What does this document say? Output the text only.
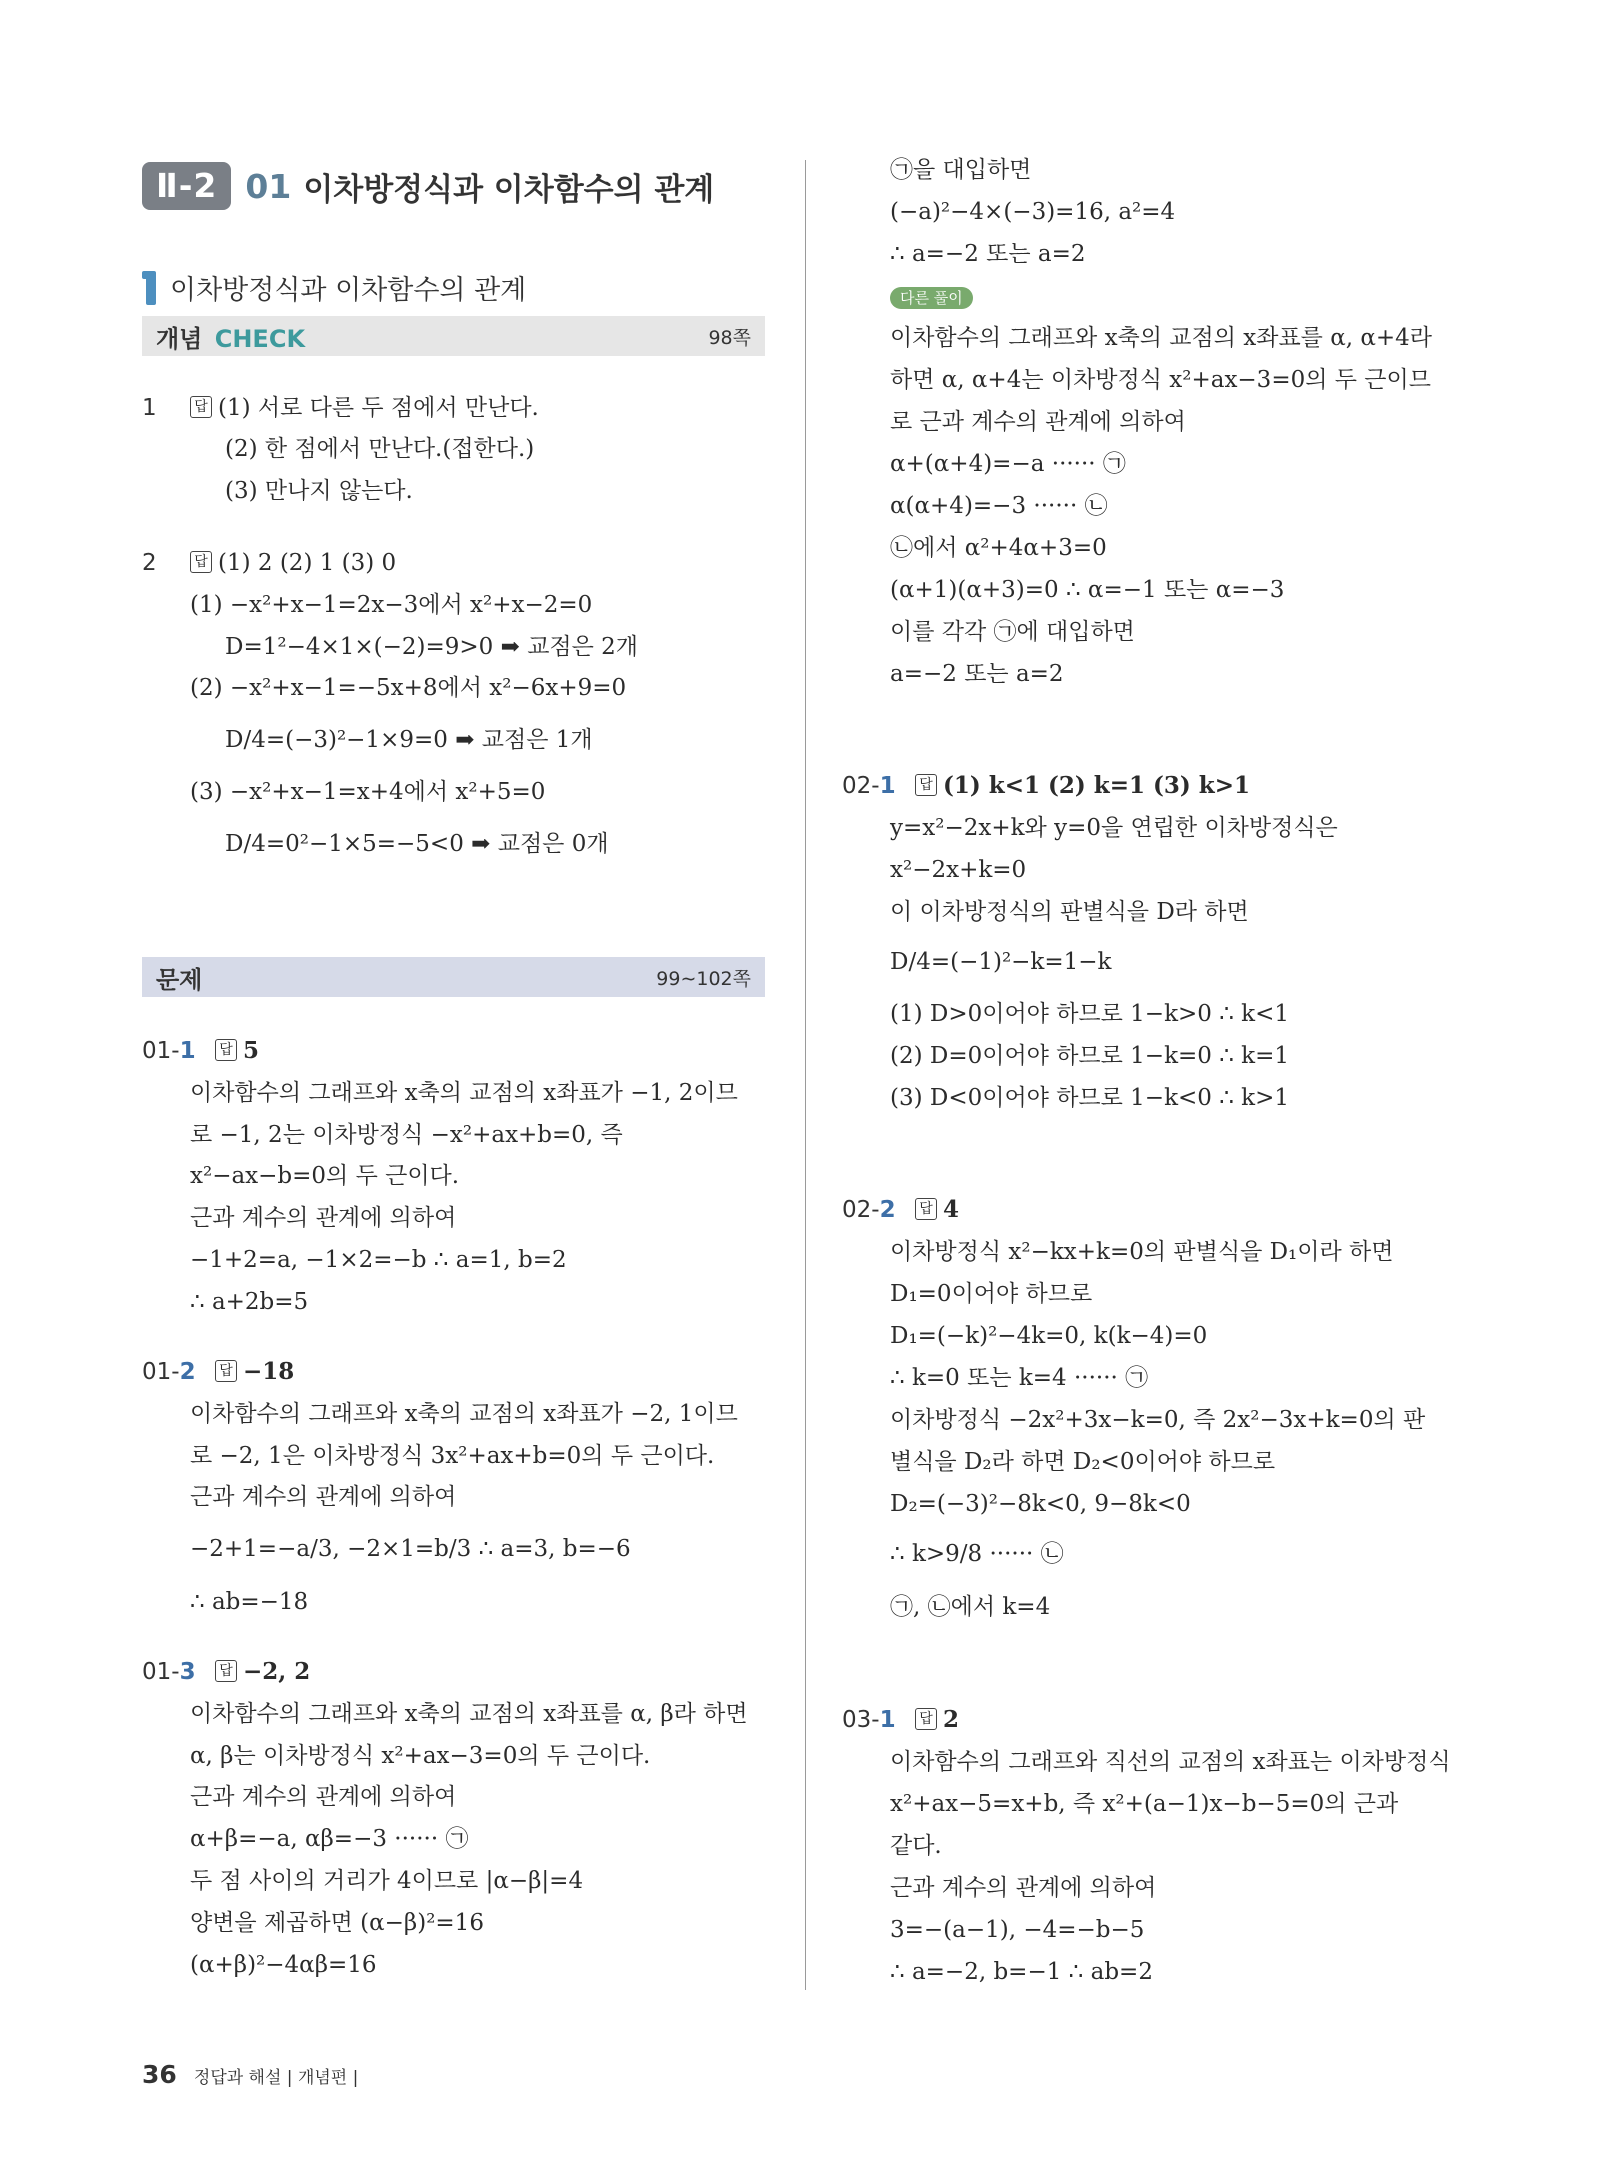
Ⅱ-2 01 이차방정식과 이차함수의 관계
이차방정식과 이차함수의 관계
개념 CHECK	98쪽
1	답 (1) 서로 다른 두 점에서 만난다.
(2) 한 점에서 만난다.(접한다.)
(3) 만나지 않는다.
2	답 (1) 2 (2) 1 (3) 0
(1) −x²+x−1=2x−3에서 x²+x−2=0
D=1²−4×1×(−2)=9>0 ➡ 교점은 2개
(2) −x²+x−1=−5x+8에서 x²−6x+9=0
D/4=(−3)²−1×9=0 ➡ 교점은 1개
(3) −x²+x−1=x+4에서 x²+5=0
D/4=0²−1×5=−5<0 ➡ 교점은 0개
문제	99∼102쪽
01-1	답 5
이차함수의 그래프와 x축의 교점의 x좌표가 −1, 2이므
로 −1, 2는 이차방정식 −x²+ax+b=0, 즉
x²−ax−b=0의 두 근이다.
근과 계수의 관계에 의하여
−1+2=a, −1×2=−b ∴ a=1, b=2
∴ a+2b=5
01-2	답 −18
이차함수의 그래프와 x축의 교점의 x좌표가 −2, 1이므
로 −2, 1은 이차방정식 3x²+ax+b=0의 두 근이다.
근과 계수의 관계에 의하여
−2+1=−a/3, −2×1=b/3 ∴ a=3, b=−6
∴ ab=−18
01-3	답 −2, 2
이차함수의 그래프와 x축의 교점의 x좌표를 α, β라 하면
α, β는 이차방정식 x²+ax−3=0의 두 근이다.
근과 계수의 관계에 의하여
α+β=−a, αβ=−3 ······ ㉠
두 점 사이의 거리가 4이므로 |α−β|=4
양변을 제곱하면 (α−β)²=16
(α+β)²−4αβ=16
㉠을 대입하면
(−a)²−4×(−3)=16, a²=4
∴ a=−2 또는 a=2
다른 풀이
이차함수의 그래프와 x축의 교점의 x좌표를 α, α+4라
하면 α, α+4는 이차방정식 x²+ax−3=0의 두 근이므
로 근과 계수의 관계에 의하여
α+(α+4)=−a ······ ㉠
α(α+4)=−3 ······ ㉡
㉡에서 α²+4α+3=0
(α+1)(α+3)=0 ∴ α=−1 또는 α=−3
이를 각각 ㉠에 대입하면
a=−2 또는 a=2
02-1	답 (1) k<1 (2) k=1 (3) k>1
y=x²−2x+k와 y=0을 연립한 이차방정식은
x²−2x+k=0
이 이차방정식의 판별식을 D라 하면
D/4=(−1)²−k=1−k
(1) D>0이어야 하므로 1−k>0 ∴ k<1
(2) D=0이어야 하므로 1−k=0 ∴ k=1
(3) D<0이어야 하므로 1−k<0 ∴ k>1
02-2	답 4
이차방정식 x²−kx+k=0의 판별식을 D₁이라 하면
D₁=0이어야 하므로
D₁=(−k)²−4k=0, k(k−4)=0
∴ k=0 또는 k=4 ······ ㉠
이차방정식 −2x²+3x−k=0, 즉 2x²−3x+k=0의 판
별식을 D₂라 하면 D₂<0이어야 하므로
D₂=(−3)²−8k<0, 9−8k<0
∴ k>9/8 ······ ㉡
㉠, ㉡에서 k=4
03-1	답 2
이차함수의 그래프와 직선의 교점의 x좌표는 이차방정식
x²+ax−5=x+b, 즉 x²+(a−1)x−b−5=0의 근과
같다.
근과 계수의 관계에 의하여
3=−(a−1), −4=−b−5
∴ a=−2, b=−1 ∴ ab=2
36 정답과 해설 | 개념편 |
